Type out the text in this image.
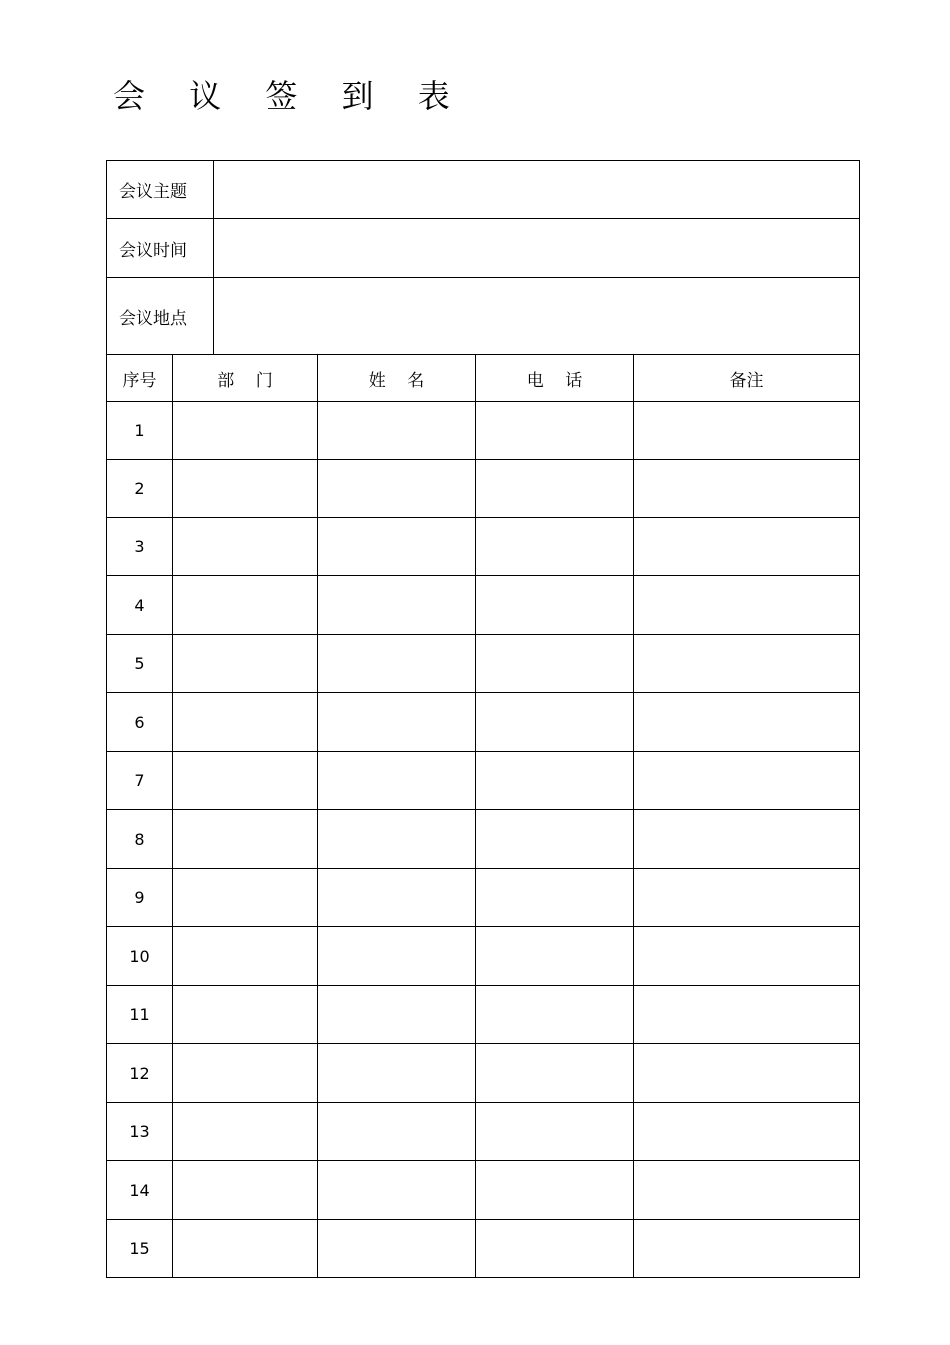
会 议 签 到 表
会议主题					
会议时间					
会议地点					
序号	部    门		姓    名	电    话	备注
1					
2					
3					
4					
5					
6					
7					
8					
9					
10					
11					
12					
13					
14					
15					
